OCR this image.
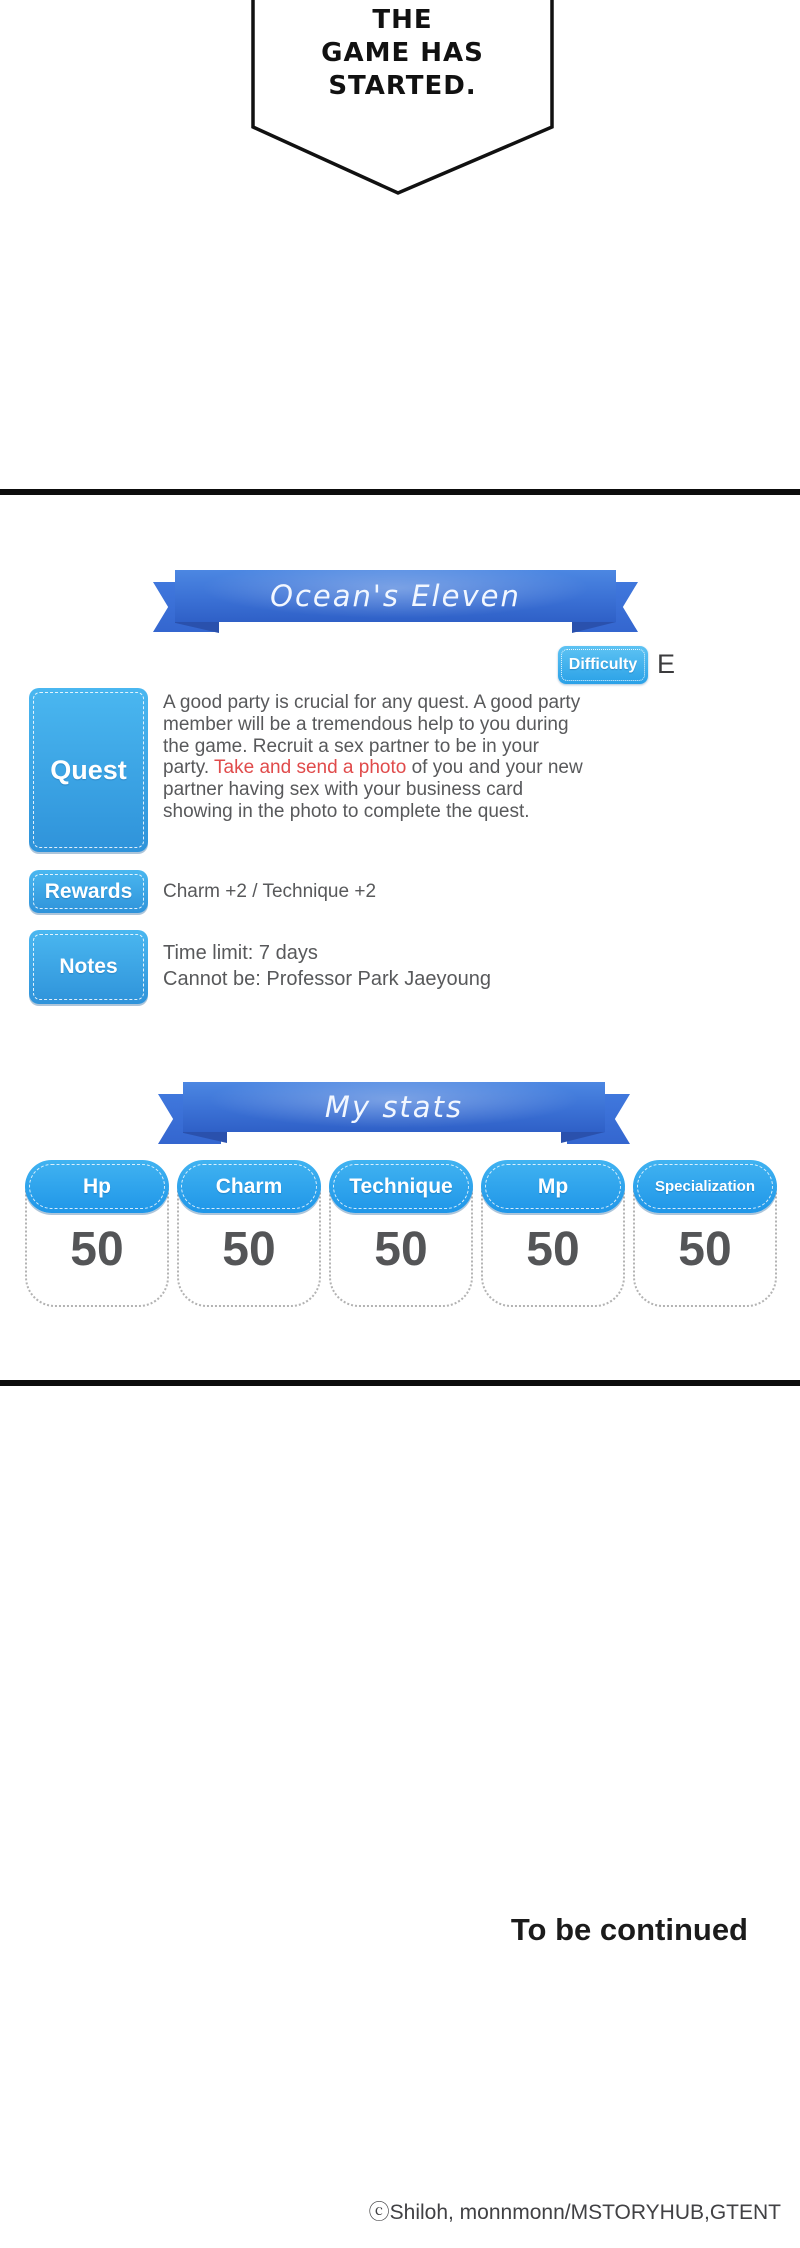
THE
GAME HAS
STARTED.
Ocean's Eleven
Difficulty E
Quest
A good party is crucial for any quest. A good party member will be a tremendous help to you during the game. Recruit a sex partner to be in your party. Take and send a photo of you and your new partner having sex with your business card showing in the photo to complete the quest.
Rewards Charm +2 / Technique +2
Notes
Time limit: 7 days
Cannot be: Professor Park Jaeyoung
My stats
Hp
50
Charm
50
Technique
50
Mp
50
Specialization
50
To be continued
ⓒShiloh, monnmonn/MSTORYHUB,GTENT
